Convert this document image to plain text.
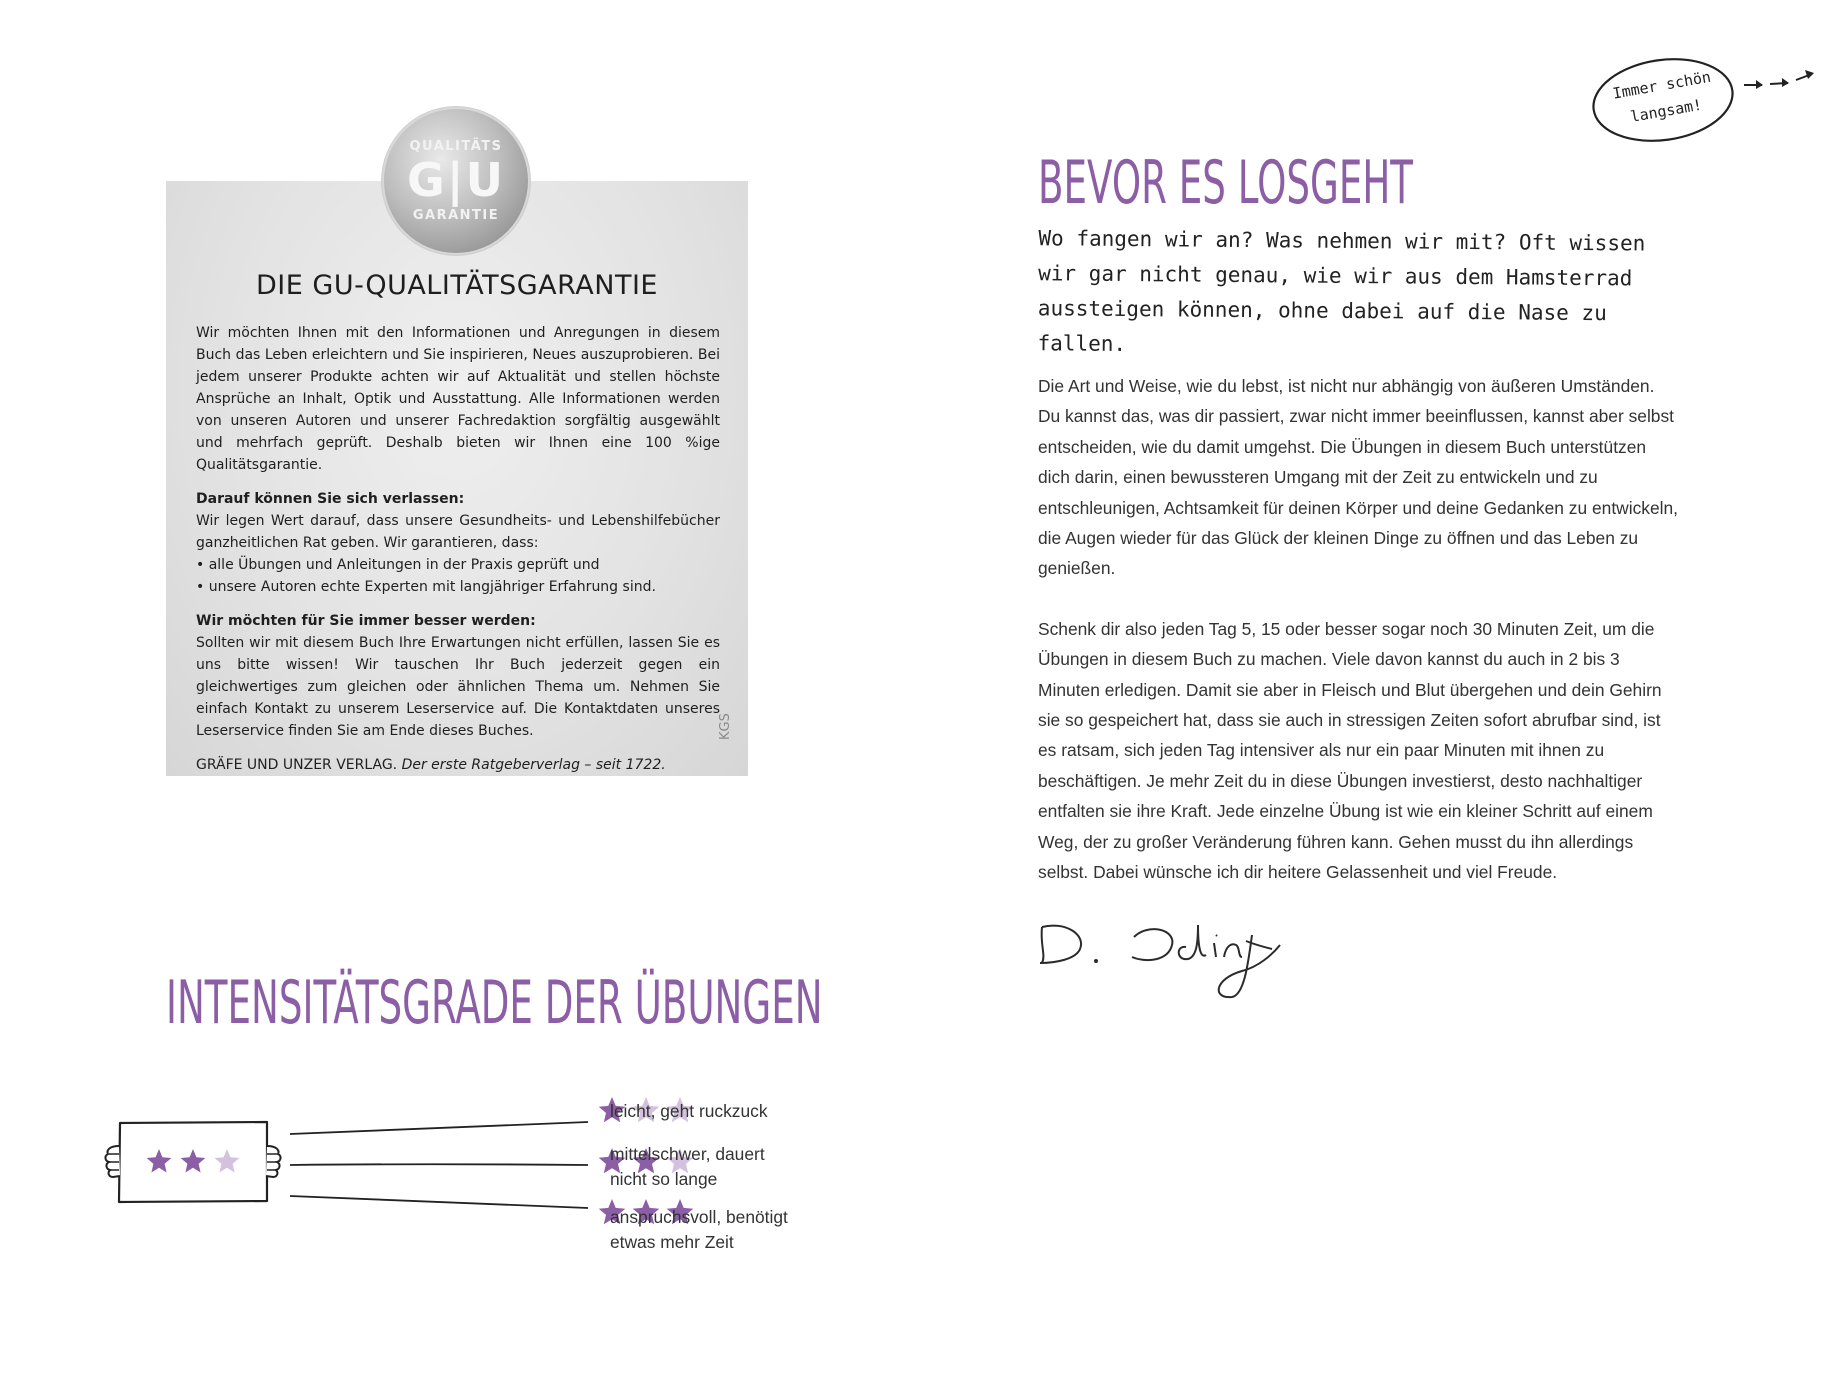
QUALITÄTS
G|U
GARANTIE
DIE GU-QUALITÄTSGARANTIE

Wir möchten Ihnen mit den Informationen und Anregungen in diesem Buch das Leben erleichtern und Sie inspirieren, Neues auszuprobieren. Bei jedem unserer Produkte achten wir auf Aktualität und stellen höchste Ansprüche an Inhalt, Optik und Ausstattung. Alle Informationen werden von unseren Autoren und unserer Fachredaktion sorgfältig ausgewählt und mehrfach geprüft. Deshalb bieten wir Ihnen eine 100 %ige Qualitätsgarantie.

Darauf können Sie sich verlassen:
Wir legen Wert darauf, dass unsere Gesundheits- und Lebenshilfebücher ganzheitlichen Rat geben. Wir garantieren, dass:
• alle Übungen und Anleitungen in der Praxis geprüft und
• unsere Autoren echte Experten mit langjähriger Erfahrung sind.

Wir möchten für Sie immer besser werden:
Sollten wir mit diesem Buch Ihre Erwartungen nicht erfüllen, lassen Sie es uns bitte wissen! Wir tauschen Ihr Buch jederzeit gegen ein gleichwertiges zum gleichen oder ähnlichen Thema um. Nehmen Sie einfach Kontakt zu unserem Leserservice auf. Die Kontaktdaten unseres Leserservice finden Sie am Ende dieses Buches.

GRÄFE UND UNZER VERLAG. Der erste Ratgeberverlag – seit 1722.

KGS
INTENSITÄTSGRADE DER ÜBUNGEN
leicht, geht ruckzuck
mittelschwer, dauert nicht so lange
anspruchsvoll, benötigt etwas mehr Zeit
Immer schön langsam!
BEVOR ES LOSGEHT
Wo fangen wir an? Was nehmen wir mit? Oft wissen wir gar nicht genau, wie wir aus dem Hamsterrad aussteigen können, ohne dabei auf die Nase zu fallen.

Die Art und Weise, wie du lebst, ist nicht nur abhängig von äußeren Umständen. Du kannst das, was dir passiert, zwar nicht immer beeinflussen, kannst aber selbst entscheiden, wie du damit umgehst. Die Übungen in diesem Buch unterstützen dich darin, einen bewussteren Umgang mit der Zeit zu entwickeln und zu entschleunigen, Achtsamkeit für deinen Körper und deine Gedanken zu entwickeln, die Augen wieder für das Glück der kleinen Dinge zu öffnen und das Leben zu genießen.

Schenk dir also jeden Tag 5, 15 oder besser sogar noch 30 Minuten Zeit, um die Übungen in diesem Buch zu machen. Viele davon kannst du auch in 2 bis 3 Minuten erledigen. Damit sie aber in Fleisch und Blut übergehen und dein Gehirn sie so gespeichert hat, dass sie auch in stressigen Zeiten sofort abrufbar sind, ist es ratsam, sich jeden Tag intensiver als nur ein paar Minuten mit ihnen zu beschäftigen. Je mehr Zeit du in diese Übungen investierst, desto nachhaltiger entfalten sie ihre Kraft. Jede einzelne Übung ist wie ein kleiner Schritt auf einem Weg, der zu großer Veränderung führen kann. Gehen musst du ihn allerdings selbst. Dabei wünsche ich dir heitere Gelassenheit und viel Freude.
